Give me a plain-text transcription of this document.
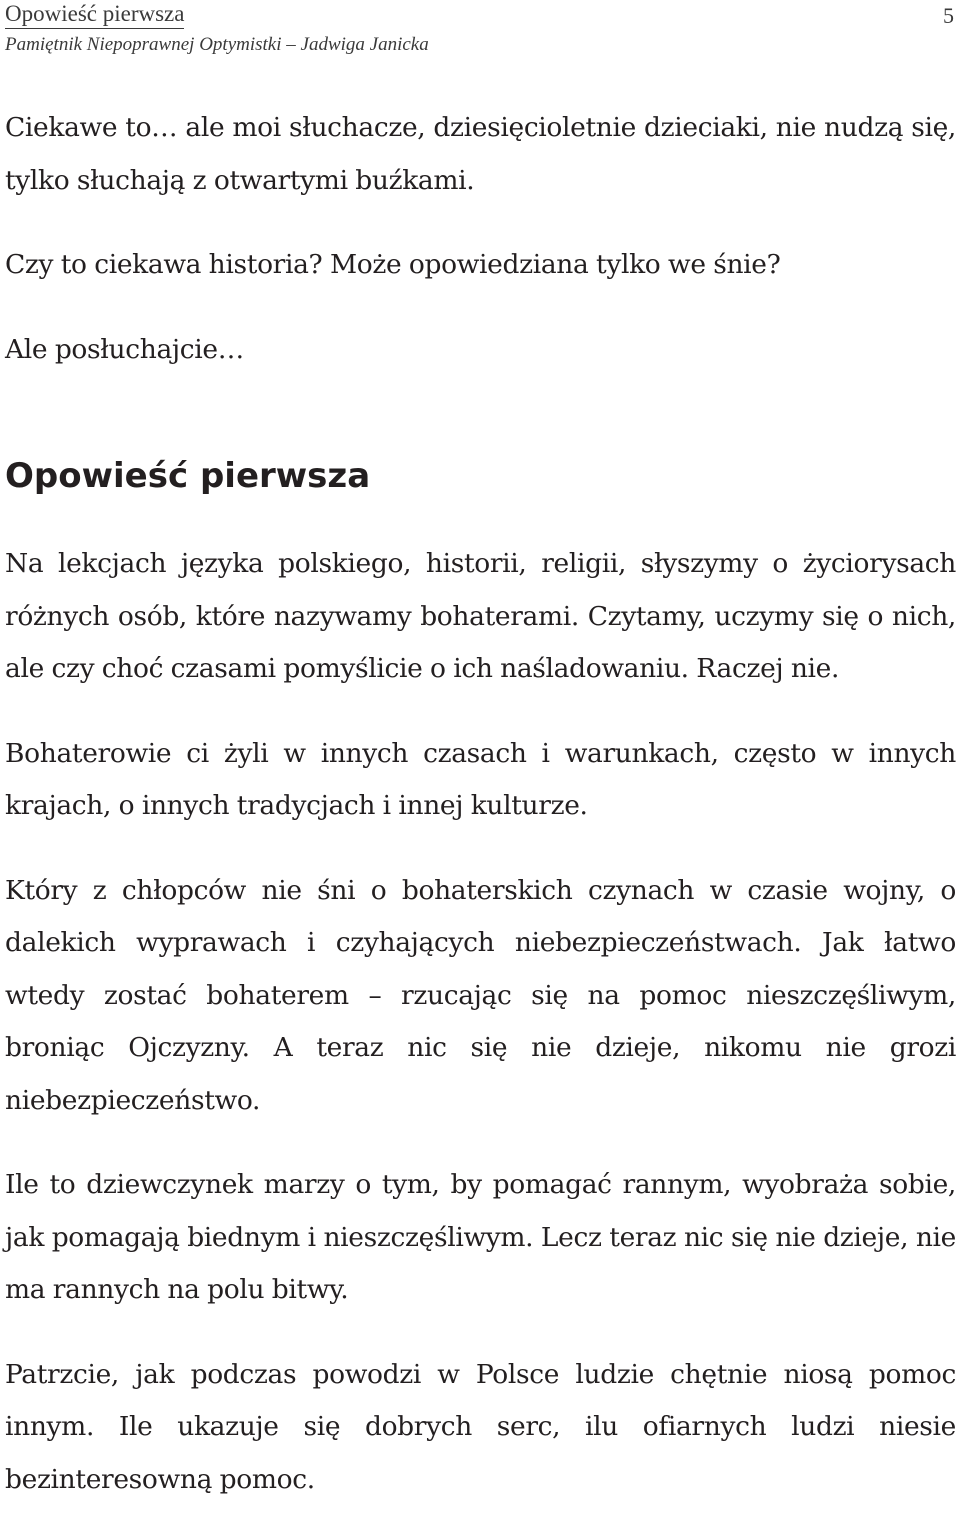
Opowieść pierwsza
Pamiętnik Niepoprawnej Optymistki – Jadwiga Janicka
5

Ciekawe to… ale moi słuchacze, dziesięcioletnie dzieciaki, nie nudzą się, tylko słuchają z otwartymi buźkami.

Czy to ciekawa historia? Może opowiedziana tylko we śnie?

Ale posłuchajcie…

Opowieść pierwsza

Na lekcjach języka polskiego, historii, religii, słyszymy o życiorysach różnych osób, które nazywamy bohaterami. Czytamy, uczymy się o nich, ale czy choć czasami pomyślicie o ich naśladowaniu. Raczej nie.

Bohaterowie ci żyli w innych czasach i warunkach, często w innych krajach, o innych tradycjach i innej kulturze.

Który z chłopców nie śni o bohaterskich czynach w czasie wojny, o dalekich wyprawach i czyhających niebezpieczeństwach. Jak łatwo wtedy zostać bohaterem – rzucając się na pomoc nieszczęśliwym, broniąc Ojczyzny. A teraz nic się nie dzieje, nikomu nie grozi niebezpieczeństwo.

Ile to dziewczynek marzy o tym, by pomagać rannym, wyobraża sobie, jak pomagają biednym i nieszczęśliwym. Lecz teraz nic się nie dzieje, nie ma rannych na polu bitwy.

Patrzcie, jak podczas powodzi w Polsce ludzie chętnie niosą pomoc innym. Ile ukazuje się dobrych serc, ilu ofiarnych ludzi niesie bezinteresowną pomoc.
